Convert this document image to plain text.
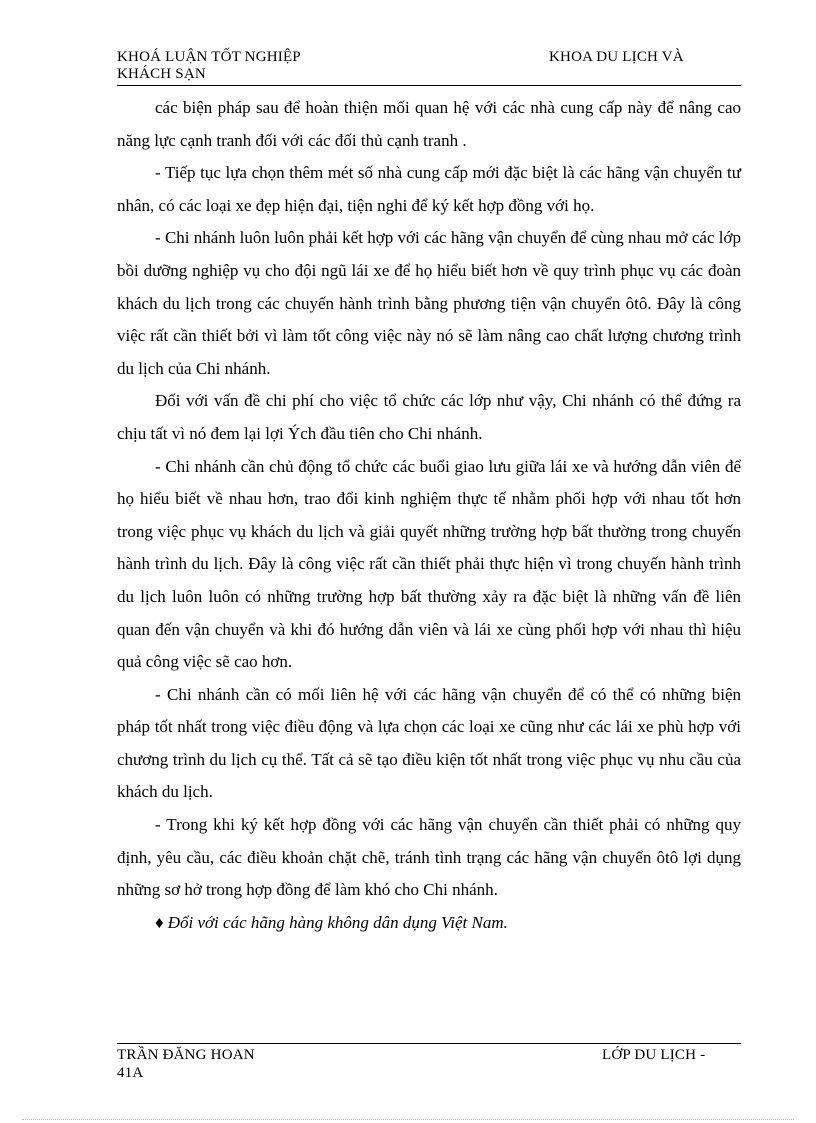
KHOÁ LUẬN TỐT NGHIỆP	KHOA DU LỊCH VÀ
KHÁCH SẠN

các biện pháp sau để hoàn thiện mối quan hệ với các nhà cung cấp này để nâng cao năng lực cạnh tranh đối với các đối thủ cạnh tranh .

- Tiếp tục lựa chọn thêm mét số nhà cung cấp mới đặc biệt là các hãng vận chuyển tư nhân, có các loại xe đẹp hiện đại, tiện nghi để ký kết hợp đồng với họ.

- Chi nhánh luôn luôn phải kết hợp với các hãng vận chuyển để cùng nhau mở các lớp bồi dưỡng nghiệp vụ cho đội ngũ lái xe để họ hiểu biết hơn về quy trình phục vụ các đoàn khách du lịch trong các chuyến hành trình bằng phương tiện vận chuyển ôtô. Đây là công việc rất cần thiết bởi vì làm tốt công việc này nó sẽ làm nâng cao chất lượng chương trình du lịch của Chi nhánh.

Đối với vấn đề chi phí cho việc tổ chức các lớp như vậy, Chi nhánh có thể đứng ra chịu tất vì nó đem lại lợi Ých đầu tiên cho Chi nhánh.

- Chi nhánh cần chủ động tổ chức các buổi giao lưu giữa lái xe và hướng dẫn viên để họ hiểu biết về nhau hơn, trao đổi kinh nghiệm thực tế nhằm phối hợp với nhau tốt hơn trong việc phục vụ khách du lịch và giải quyết những trường hợp bất thường trong chuyến hành trình du lịch. Đây là công việc rất cần thiết phải thực hiện vì trong chuyến hành trình du lịch luôn luôn có những trường hợp bất thường xảy ra đặc biệt là những vấn đề liên quan đến vận chuyển và khi đó hướng dẫn viên và lái xe cùng phối hợp với nhau thì hiệu quả công việc sẽ cao hơn.

- Chi nhánh cần có mối liên hệ với các hãng vận chuyển để có thể có những biện pháp tốt nhất trong việc điều động và lựa chọn các loại xe cũng như các lái xe phù hợp với chương trình du lịch cụ thể. Tất cả sẽ tạo điều kiện tốt nhất trong việc phục vụ nhu cầu của khách du lịch.

- Trong khi ký kết hợp đồng với các hãng vận chuyển cần thiết phải có những quy định, yêu cầu, các điều khoản chặt chẽ, tránh tình trạng các hãng vận chuyển ôtô lợi dụng những sơ hở trong hợp đồng để làm khó cho Chi nhánh.

♦ Đối với các hãng hàng không dân dụng Việt Nam.

TRẦN ĐĂNG HOAN	LỚP DU LỊCH -
41A
